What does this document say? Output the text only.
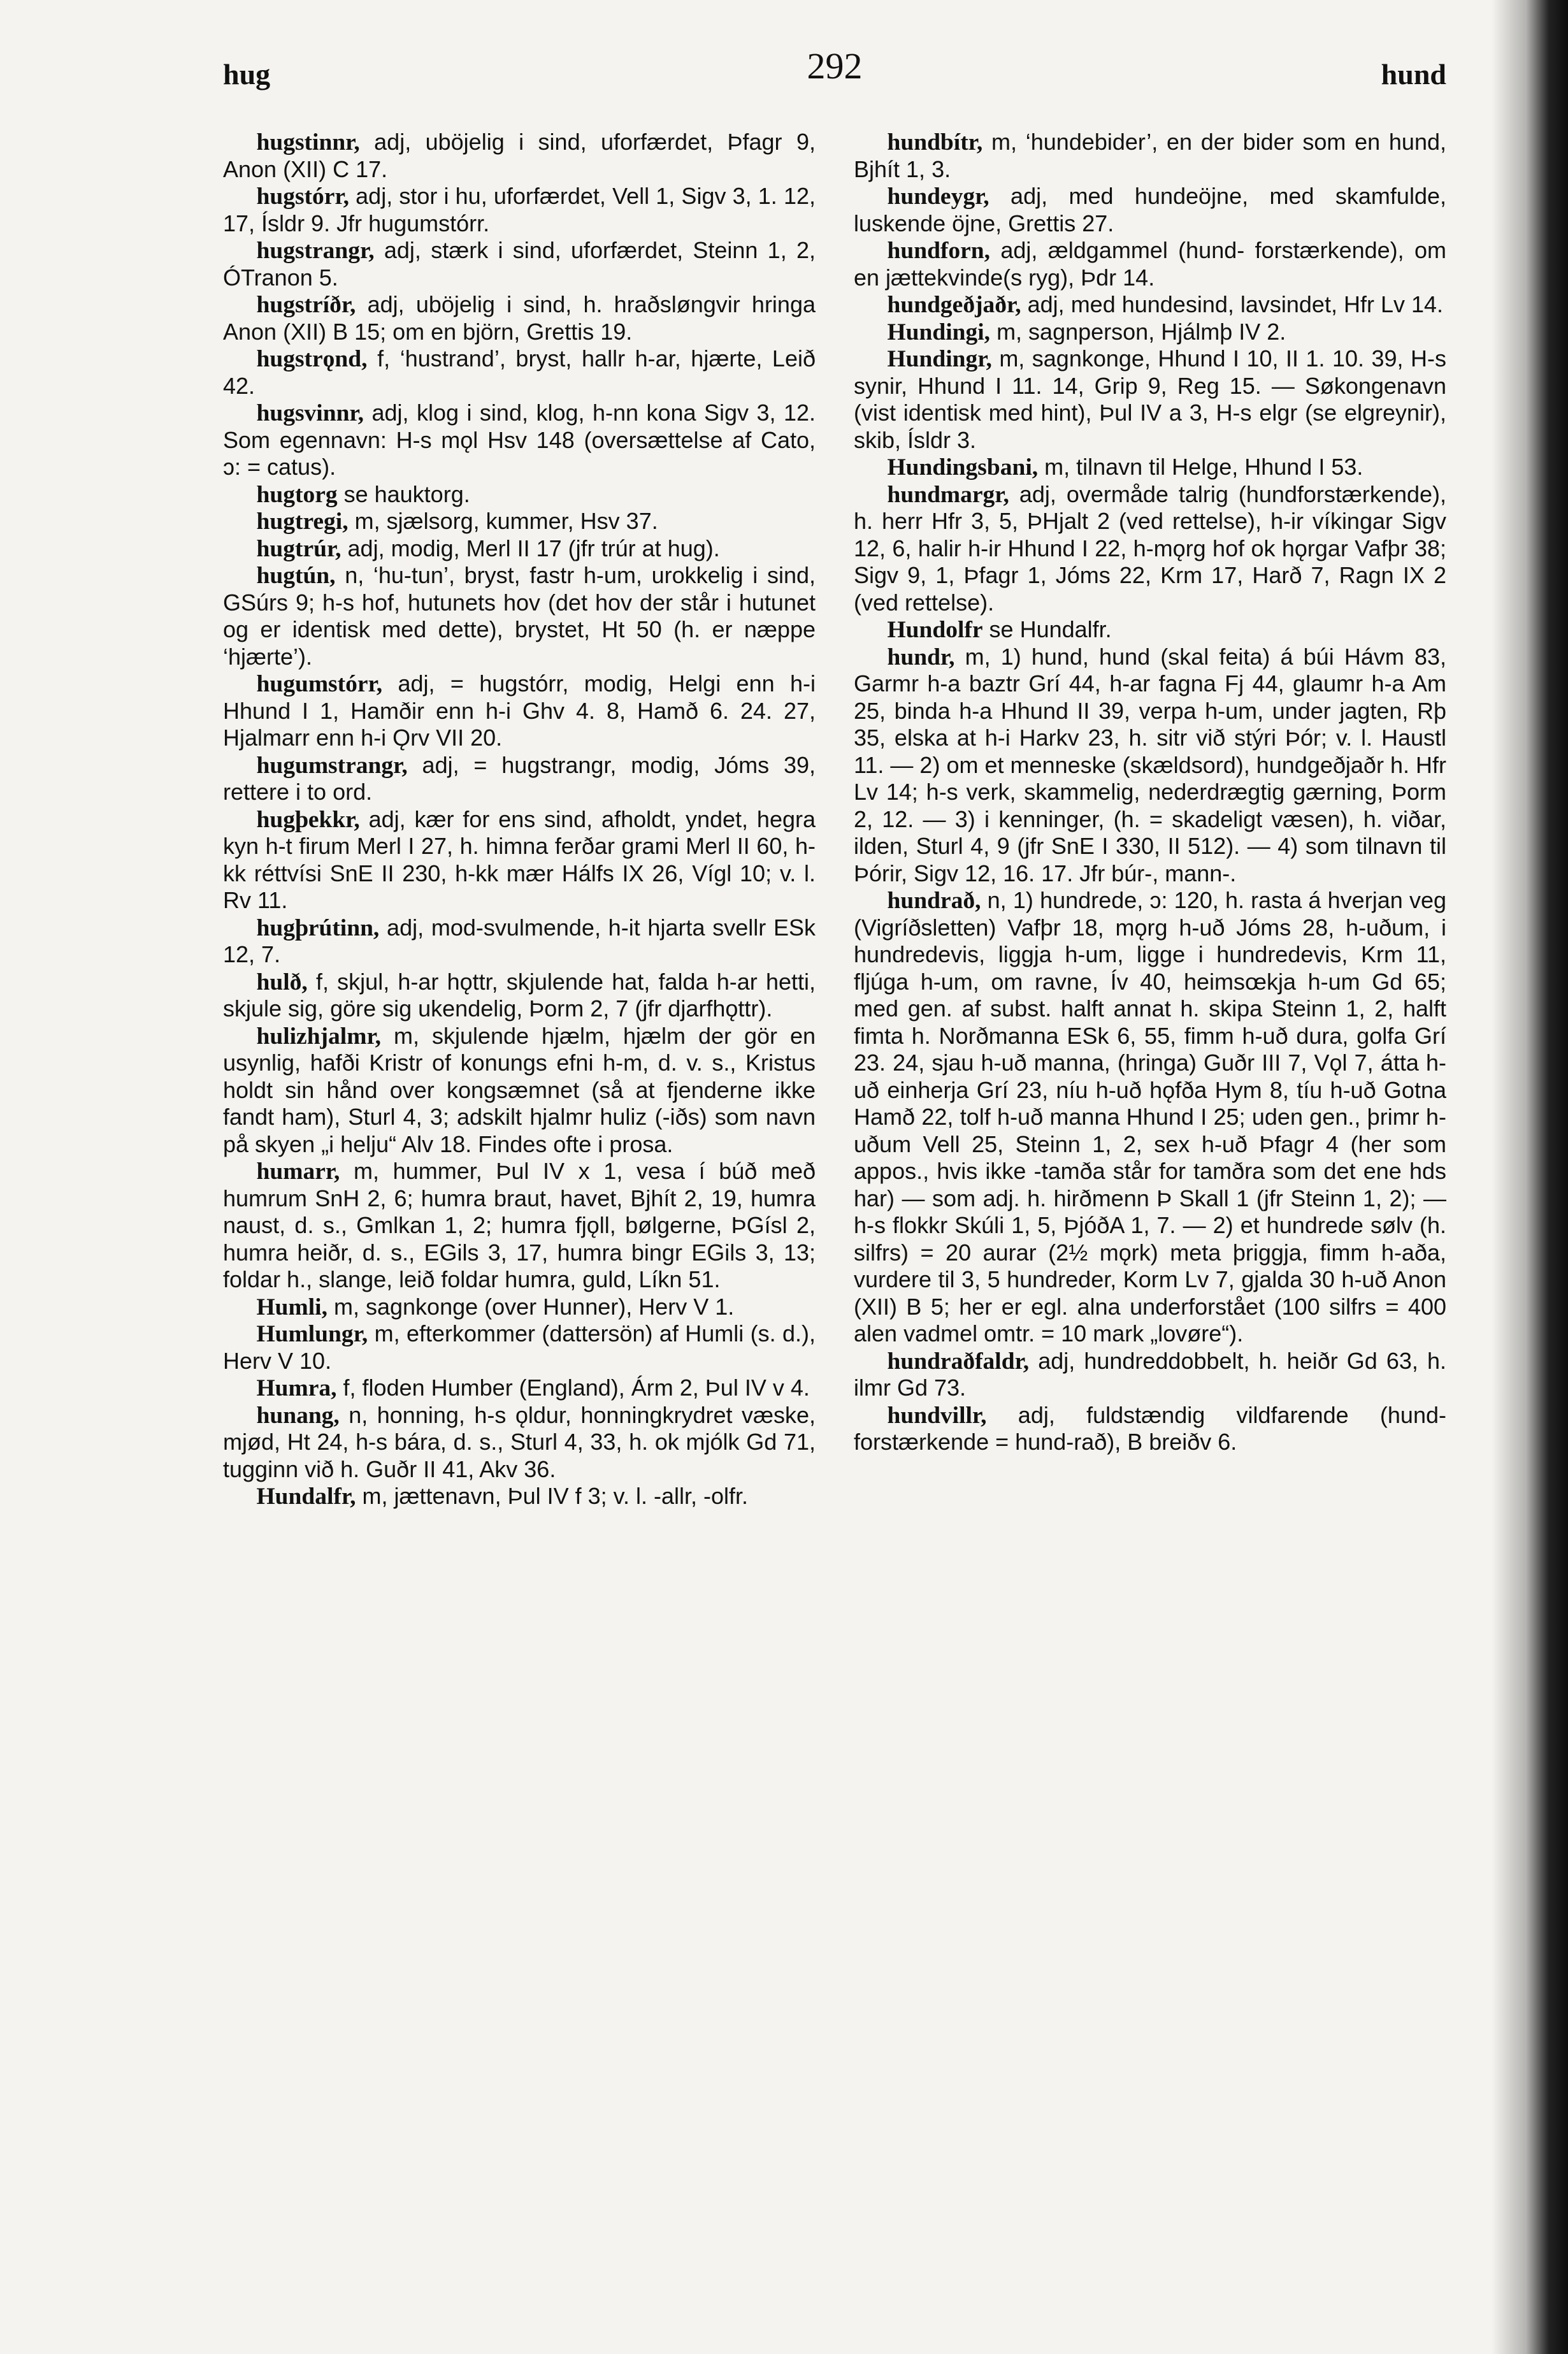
hug	292	hund

hugstinnr, adj, uböjelig i sind, uforfærdet, Þfagr 9, Anon (XII) C 17.

hugstórr, adj, stor i hu, uforfærdet, Vell 1, Sigv 3, 1. 12, 17, Ísldr 9. Jfr hugumstórr.

hugstrangr, adj, stærk i sind, uforfærdet, Steinn 1, 2, ÓTranon 5.

hugstríðr, adj, uböjelig i sind, h. hraðsløngvir hringa Anon (XII) B 15; om en björn, Grettis 19.

hugstrǫnd, f, ‘hustrand’, bryst, hallr h-ar, hjærte, Leið 42.

hugsvinnr, adj, klog i sind, klog, h-nn kona Sigv 3, 12. Som egennavn: H-s mǫl Hsv 148 (oversættelse af Cato, ɔ: = catus).

hugtorg se hauktorg.

hugtregi, m, sjælsorg, kummer, Hsv 37.

hugtrúr, adj, modig, Merl II 17 (jfr trúr at hug).

hugtún, n, ‘hu-tun’, bryst, fastr h-um, urokkelig i sind, GSúrs 9; h-s hof, hutunets hov (det hov der står i hutunet og er identisk med dette), brystet, Ht 50 (h. er næppe ‘hjærte’).

hugumstórr, adj, = hugstórr, modig, Helgi enn h-i Hhund I 1, Hamðir enn h-i Ghv 4. 8, Hamð 6. 24. 27, Hjalmarr enn h-i Ǫrv VII 20.

hugumstrangr, adj, = hugstrangr, modig, Jóms 39, rettere i to ord.

hugþekkr, adj, kær for ens sind, afholdt, yndet, hegra kyn h-t firum Merl I 27, h. himna ferðar grami Merl II 60, h-kk réttvísi SnE II 230, h-kk mær Hálfs IX 26, Vígl 10; v. l. Rv 11.

hugþrútinn, adj, mod-svulmende, h-it hjarta svellr ESk 12, 7.

hulð, f, skjul, h-ar hǫttr, skjulende hat, falda h-ar hetti, skjule sig, göre sig ukendelig, Þorm 2, 7 (jfr djarfhǫttr).

hulizhjalmr, m, skjulende hjælm, hjælm der gör en usynlig, hafði Kristr of konungs efni h-m, d. v. s., Kristus holdt sin hånd over kongsæmnet (så at fjenderne ikke fandt ham), Sturl 4, 3; adskilt hjalmr huliz (-iðs) som navn på skyen „i helju“ Alv 18. Findes ofte i prosa.

humarr, m, hummer, Þul IV x 1, vesa í búð með humrum SnH 2, 6; humra braut, havet, Bjhít 2, 19, humra naust, d. s., Gmlkan 1, 2; humra fjǫll, bølgerne, ÞGísl 2, humra heiðr, d. s., EGils 3, 17, humra bingr EGils 3, 13; foldar h., slange, leið foldar humra, guld, Líkn 51.

Humli, m, sagnkonge (over Hunner), Herv V 1.

Humlungr, m, efterkommer (dattersön) af Humli (s. d.), Herv V 10.

Humra, f, floden Humber (England), Árm 2, Þul IV v 4.

hunang, n, honning, h-s ǫldur, honningkrydret væske, mjød, Ht 24, h-s bára, d. s., Sturl 4, 33, h. ok mjólk Gd 71, tugginn við h. Guðr II 41, Akv 36.

Hundalfr, m, jættenavn, Þul IV f 3; v. l. -allr, -olfr.

hundbítr, m, ‘hundebider’, en der bider som en hund, Bjhít 1, 3.

hundeygr, adj, med hundeöjne, med skamfulde, luskende öjne, Grettis 27.

hundforn, adj, ældgammel (hund- forstærkende), om en jættekvinde(s ryg), Þdr 14.

hundgeðjaðr, adj, med hundesind, lavsindet, Hfr Lv 14.

Hundingi, m, sagnperson, Hjálmþ IV 2.

Hundingr, m, sagnkonge, Hhund I 10, II 1. 10. 39, H-s synir, Hhund I 11. 14, Grip 9, Reg 15. — Søkongenavn (vist identisk med hint), Þul IV a 3, H-s elgr (se elgreynir), skib, Ísldr 3.

Hundingsbani, m, tilnavn til Helge, Hhund I 53.

hundmargr, adj, overmåde talrig (hundforstærkende), h. herr Hfr 3, 5, ÞHjalt 2 (ved rettelse), h-ir víkingar Sigv 12, 6, halir h-ir Hhund I 22, h-mǫrg hof ok hǫrgar Vafþr 38; Sigv 9, 1, Þfagr 1, Jóms 22, Krm 17, Harð 7, Ragn IX 2 (ved rettelse).

Hundolfr se Hundalfr.

hundr, m, 1) hund, hund (skal feita) á búi Hávm 83, Garmr h-a baztr Grí 44, h-ar fagna Fj 44, glaumr h-a Am 25, binda h-a Hhund II 39, verpa h-um, under jagten, Rþ 35, elska at h-i Harkv 23, h. sitr við stýri Þór; v. l. Haustl 11. — 2) om et menneske (skældsord), hundgeðjaðr h. Hfr Lv 14; h-s verk, skammelig, nederdrægtig gærning, Þorm 2, 12. — 3) i kenninger, (h. = skadeligt væsen), h. viðar, ilden, Sturl 4, 9 (jfr SnE I 330, II 512). — 4) som tilnavn til Þórir, Sigv 12, 16. 17. Jfr búr-, mann-.

hundrað, n, 1) hundrede, ɔ: 120, h. rasta á hverjan veg (Vigríðsletten) Vafþr 18, mǫrg h-uð Jóms 28, h-uðum, i hundredevis, liggja h-um, ligge i hundredevis, Krm 11, fljúga h-um, om ravne, Ív 40, heimsœkja h-um Gd 65; med gen. af subst. halft annat h. skipa Steinn 1, 2, halft fimta h. Norðmanna ESk 6, 55, fimm h-uð dura, golfa Grí 23. 24, sjau h-uð manna, (hringa) Guðr III 7, Vǫl 7, átta h-uð einherja Grí 23, níu h-uð hǫfða Hym 8, tíu h-uð Gotna Hamð 22, tolf h-uð manna Hhund I 25; uden gen., þrimr h-uðum Vell 25, Steinn 1, 2, sex h-uð Þfagr 4 (her som appos., hvis ikke -tamða står for tamðra som det ene hds har) — som adj. h. hirðmenn Þ Skall 1 (jfr Steinn 1, 2); — h-s flokkr Skúli 1, 5, ÞjóðA 1, 7. — 2) et hundrede sølv (h. silfrs) = 20 aurar (2½ mǫrk) meta þriggja, fimm h-aða, vurdere til 3, 5 hundreder, Korm Lv 7, gjalda 30 h-uð Anon (XII) B 5; her er egl. alna underforstået (100 silfrs = 400 alen vadmel omtr. = 10 mark „lovøre“).

hundraðfaldr, adj, hundreddobbelt, h. heiðr Gd 63, h. ilmr Gd 73.

hundvillr, adj, fuldstændig vildfarende (hund- forstærkende = hund-rað), B breiðv 6.
